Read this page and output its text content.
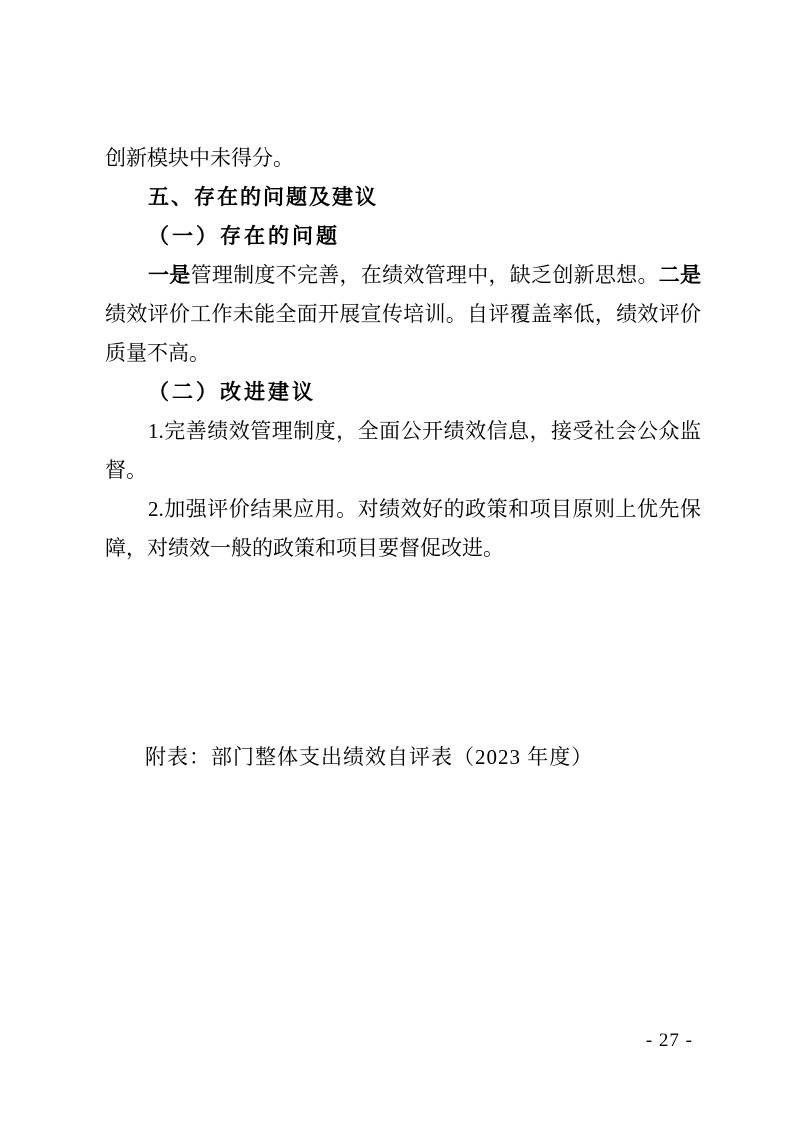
创新模块中未得分。
五、存在的问题及建议
（一）存在的问题
一是管理制度不完善，在绩效管理中，缺乏创新思想。二是
绩效评价工作未能全面开展宣传培训。自评覆盖率低，绩效评价
质量不高。
（二）改进建议
1.完善绩效管理制度，全面公开绩效信息，接受社会公众监
督。
2.加强评价结果应用。对绩效好的政策和项目原则上优先保
障，对绩效一般的政策和项目要督促改进。
附表：部门整体支出绩效自评表（2023 年度）
- 27 -
